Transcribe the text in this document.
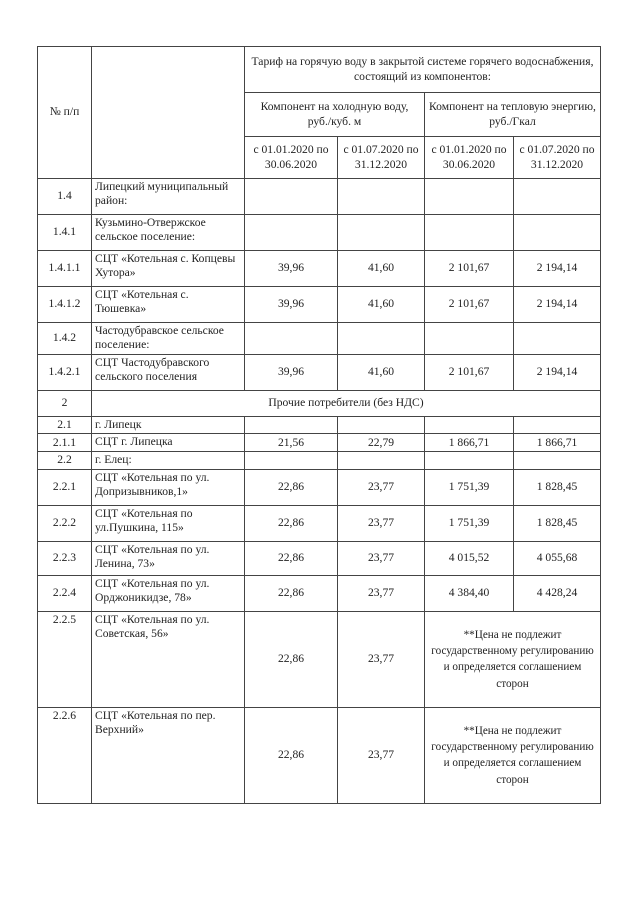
№ п/п		Тариф на горячую воду в закрытой системе горячего водоснабжения, состоящий из компонентов:			
		Компонент на холодную воду, руб./куб. м		Компонент на тепловую энергию, руб./Гкал	
		с 01.01.2020 по 30.06.2020	с 01.07.2020 по 31.12.2020	с 01.01.2020 по 30.06.2020	с 01.07.2020 по 31.12.2020
1.4	Липецкий муниципальный район:				
1.4.1	Кузьмино-Отвержское сельское поселение:				
1.4.1.1	СЦТ «Котельная с. Копцевы Хутора»	39,96	41,60	2 101,67	2 194,14
1.4.1.2	СЦТ «Котельная с. Тюшевка»	39,96	41,60	2 101,67	2 194,14
1.4.2	Частодубравское сельское поселение:				
1.4.2.1	СЦТ Частодубравского сельского поселения	39,96	41,60	2 101,67	2 194,14
2	Прочие потребители (без НДС)				
2.1	г. Липецк				
2.1.1	СЦТ г. Липецка	21,56	22,79	1 866,71	1 866,71
2.2	г. Елец:				
2.2.1	СЦТ «Котельная по ул. Допризывников,1»	22,86	23,77	1 751,39	1 828,45
2.2.2	СЦТ «Котельная по ул.Пушкина, 115»	22,86	23,77	1 751,39	1 828,45
2.2.3	СЦТ «Котельная по ул. Ленина, 73»	22,86	23,77	4 015,52	4 055,68
2.2.4	СЦТ «Котельная по ул. Орджоникидзе, 78»	22,86	23,77	4 384,40	4 428,24
2.2.5	СЦТ «Котельная по ул. Советская, 56»	22,86	23,77	**Цена не подлежит государственному регулированию и определяется соглашением сторон	
2.2.6	СЦТ «Котельная по пер. Верхний»	22,86	23,77	**Цена не подлежит государственному регулированию и определяется соглашением сторон	
